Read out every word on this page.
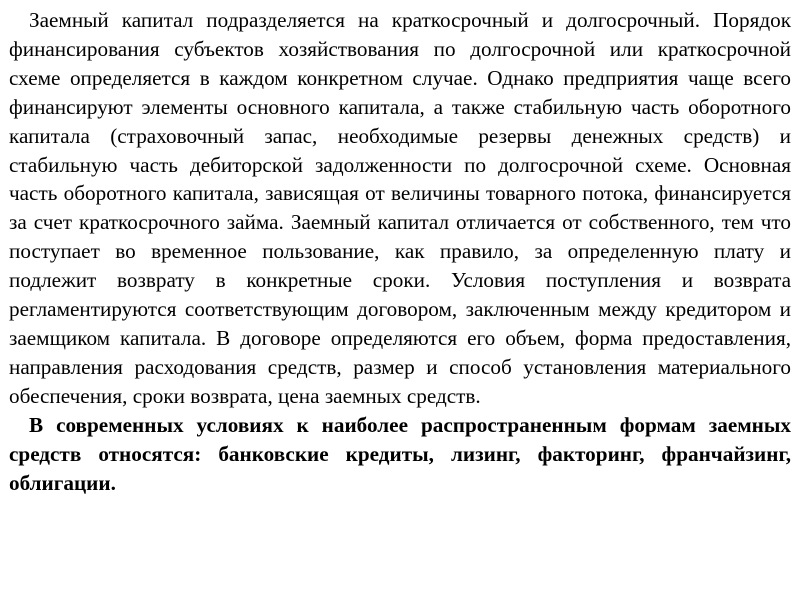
Заемный капитал подразделяется на краткосрочный и долгосрочный. Порядок финансирования субъектов хозяйствования по долгосрочной или краткосрочной схеме определяется в каждом конкретном случае. Однако предприятия чаще всего финансируют элементы основного капитала, а также стабильную часть оборотного капитала (страховочный запас, необходимые резервы денежных средств) и стабильную часть дебиторской задолженности по долгосрочной схеме. Основная часть оборотного капитала, зависящая от величины товарного потока, финансируется за счет краткосрочного займа. Заемный капитал отличается от собственного, тем что поступает во временное пользование, как правило, за определенную плату и подлежит возврату в конкретные сроки. Условия поступления и возврата регламентируются соответствующим договором, заключенным между кредитором и заемщиком капитала. В договоре определяются его объем, форма предоставления, направления расходования средств, размер и способ установления материального обеспечения, сроки возврата, цена заемных средств.

В современных условиях к наиболее распространенным формам заемных средств относятся: банковские кредиты, лизинг, факторинг, франчайзинг, облигации.
